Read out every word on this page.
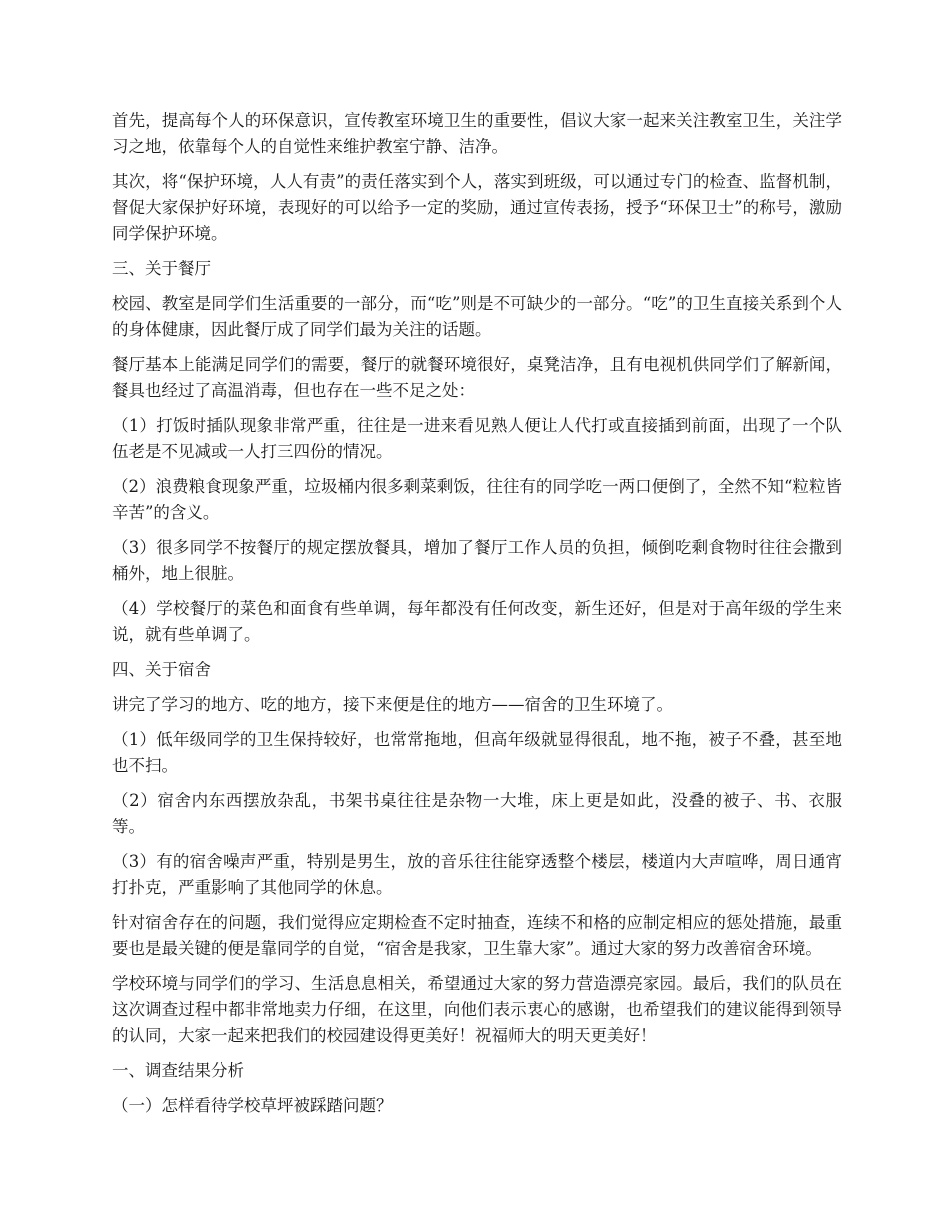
首先，提高每个人的环保意识，宣传教室环境卫生的重要性，倡议大家一起来关注教室卫生，关注学习之地，依靠每个人的自觉性来维护教室宁静、洁净。

其次，将“保护环境，人人有责”的责任落实到个人，落实到班级，可以通过专门的检查、监督机制，督促大家保护好环境，表现好的可以给予一定的奖励，通过宣传表扬，授予“环保卫士”的称号，激励同学保护环境。

三、关于餐厅

校园、教室是同学们生活重要的一部分，而“吃”则是不可缺少的一部分。“吃”的卫生直接关系到个人的身体健康，因此餐厅成了同学们最为关注的话题。

餐厅基本上能满足同学们的需要，餐厅的就餐环境很好，桌凳洁净，且有电视机供同学们了解新闻，餐具也经过了高温消毒，但也存在一些不足之处：

（1）打饭时插队现象非常严重，往往是一进来看见熟人便让人代打或直接插到前面，出现了一个队伍老是不见减或一人打三四份的情况。

（2）浪费粮食现象严重，垃圾桶内很多剩菜剩饭，往往有的同学吃一两口便倒了，全然不知“粒粒皆辛苦”的含义。

（3）很多同学不按餐厅的规定摆放餐具，增加了餐厅工作人员的负担，倾倒吃剩食物时往往会撒到桶外，地上很脏。

（4）学校餐厅的菜色和面食有些单调，每年都没有任何改变，新生还好，但是对于高年级的学生来说，就有些单调了。

四、关于宿舍

讲完了学习的地方、吃的地方，接下来便是住的地方——宿舍的卫生环境了。

（1）低年级同学的卫生保持较好，也常常拖地，但高年级就显得很乱，地不拖，被子不叠，甚至地也不扫。

（2）宿舍内东西摆放杂乱，书架书桌往往是杂物一大堆，床上更是如此，没叠的被子、书、衣服等。

（3）有的宿舍噪声严重，特别是男生，放的音乐往往能穿透整个楼层，楼道内大声喧哗，周日通宵打扑克，严重影响了其他同学的休息。

针对宿舍存在的问题，我们觉得应定期检查不定时抽查，连续不和格的应制定相应的惩处措施，最重要也是最关键的便是靠同学的自觉，“宿舍是我家，卫生靠大家”。通过大家的努力改善宿舍环境。

学校环境与同学们的学习、生活息息相关，希望通过大家的努力营造漂亮家园。最后，我们的队员在这次调查过程中都非常地卖力仔细，在这里，向他们表示衷心的感谢，也希望我们的建议能得到领导的认同，大家一起来把我们的校园建设得更美好！祝福师大的明天更美好！

一、调查结果分析

（一）怎样看待学校草坪被踩踏问题？
